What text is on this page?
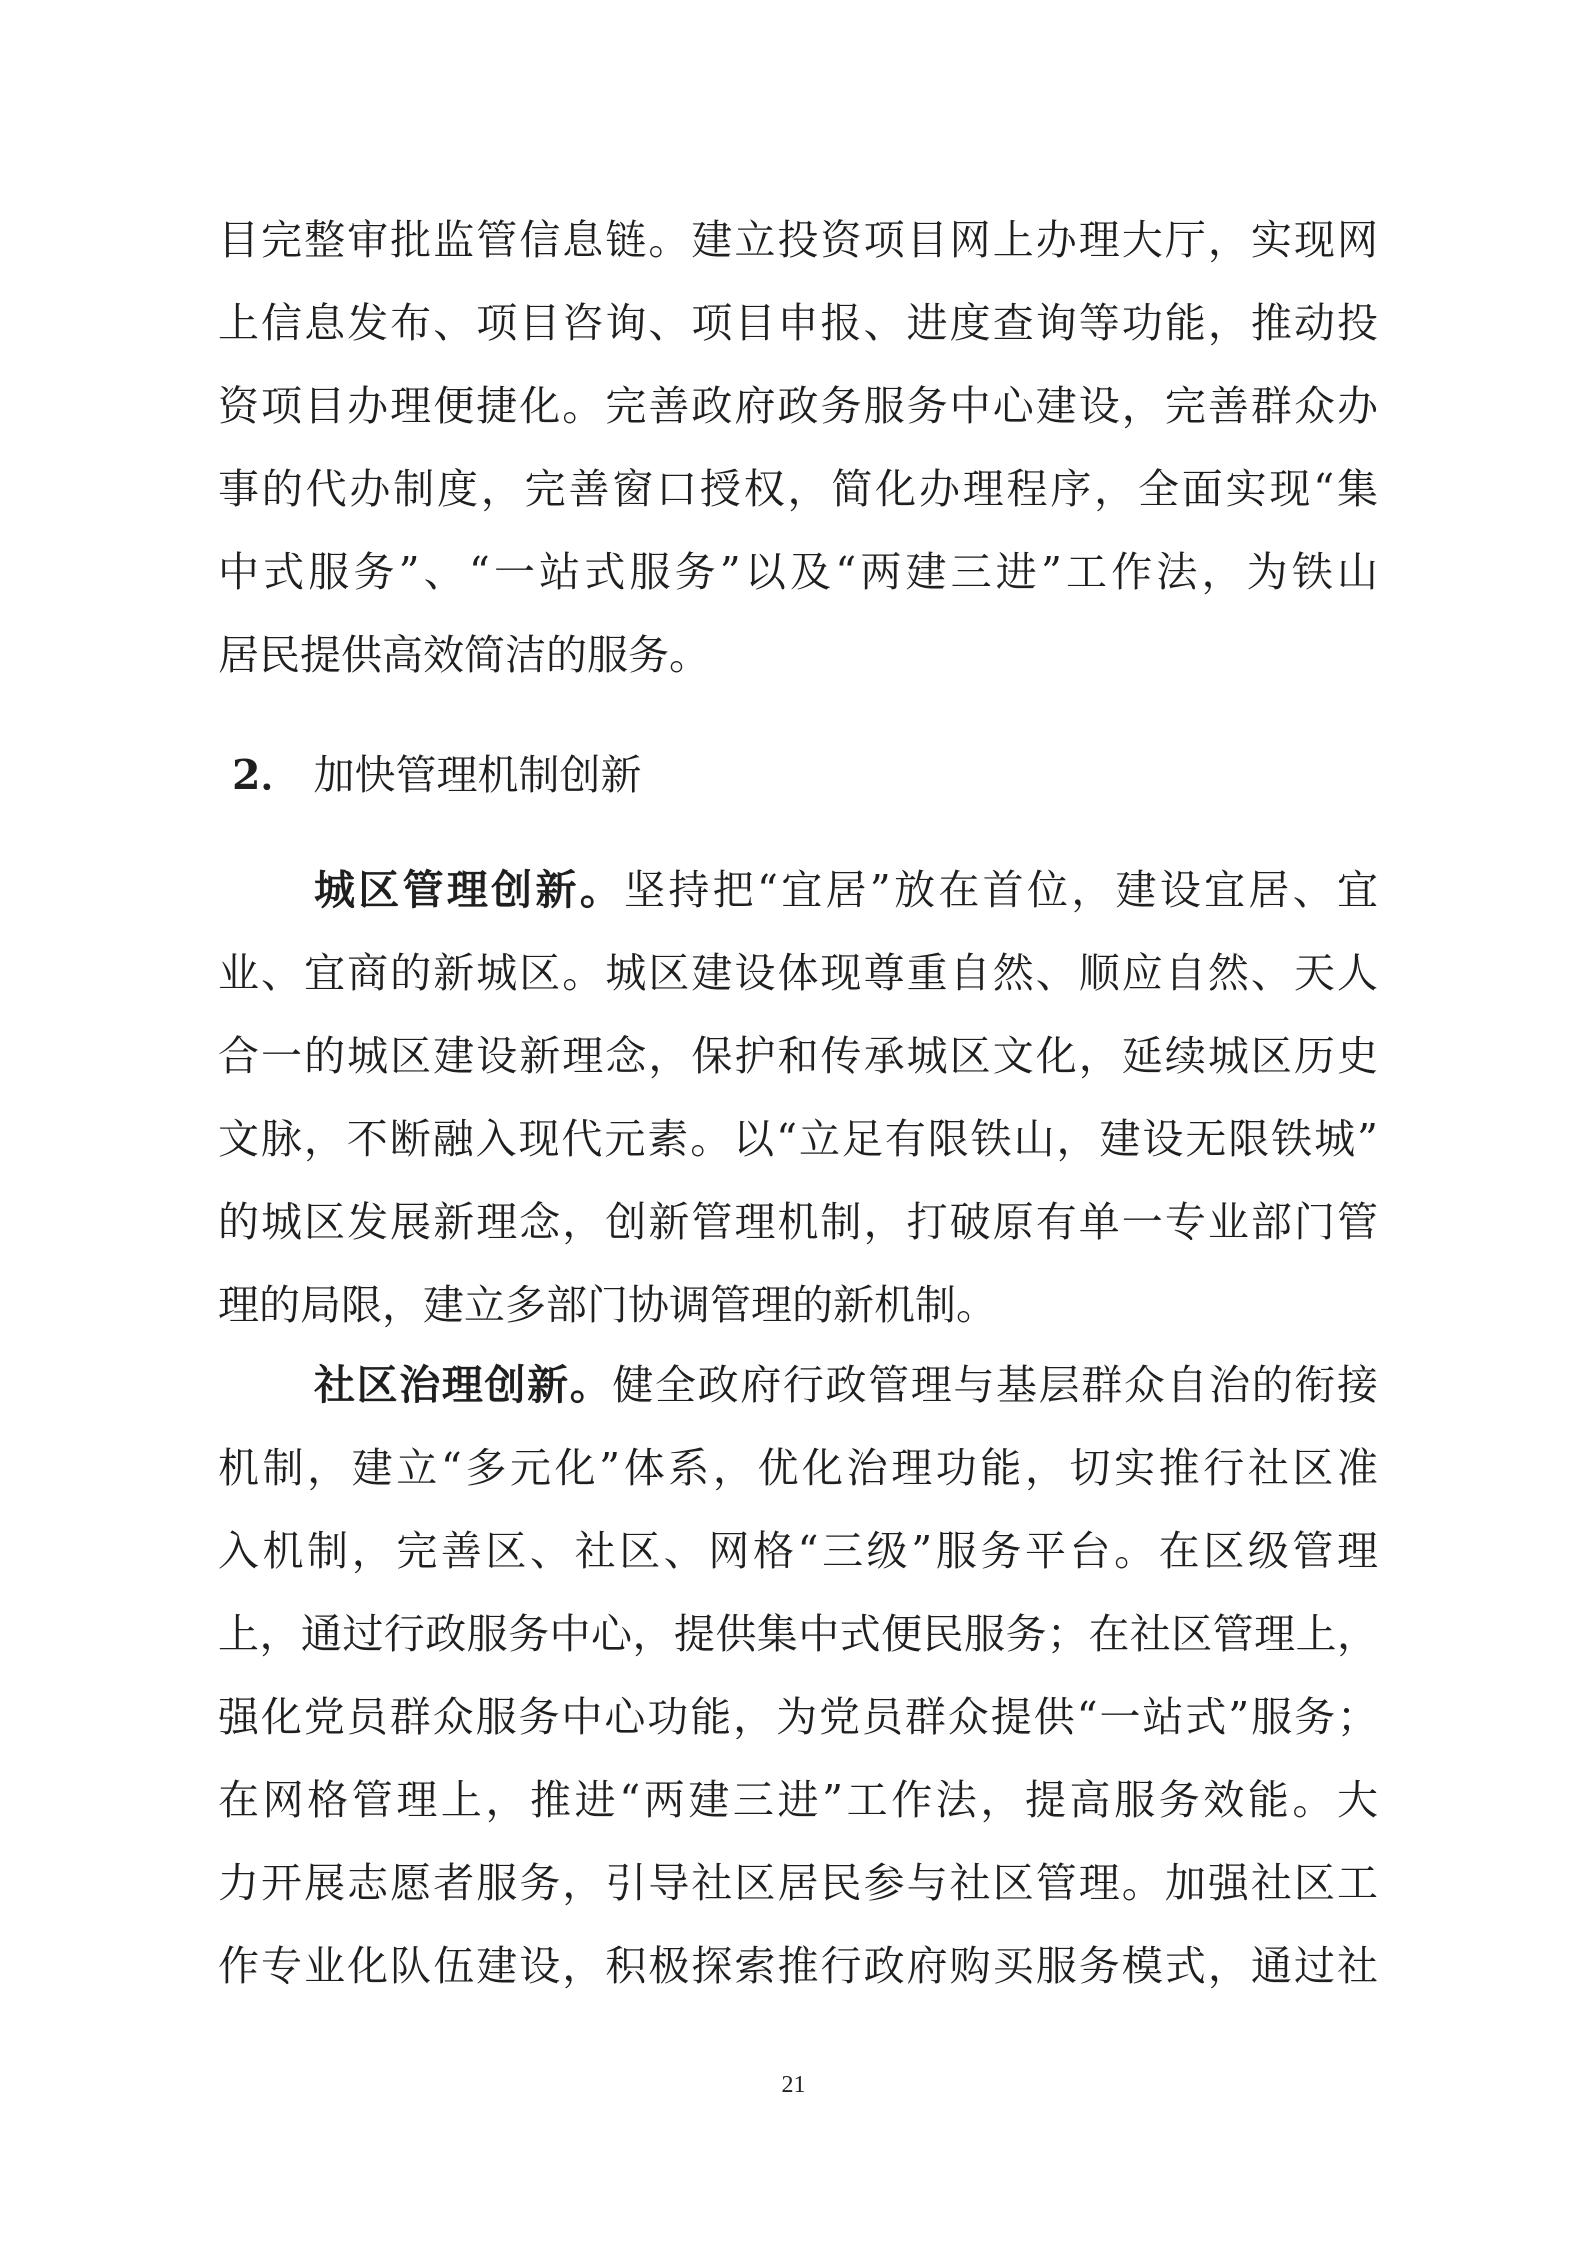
目完整审批监管信息链。建立投资项目网上办理大厅，实现网
上信息发布、项目咨询、项目申报、进度查询等功能，推动投
资项目办理便捷化。完善政府政务服务中心建设，完善群众办
事的代办制度，完善窗口授权，简化办理程序，全面实现“集
中式服务”、“一站式服务”以及“两建三进”工作法，为铁山
居民提供高效简洁的服务。
2． 加快管理机制创新
城区管理创新。坚持把“宜居”放在首位，建设宜居、宜
业、宜商的新城区。城区建设体现尊重自然、顺应自然、天人
合一的城区建设新理念，保护和传承城区文化，延续城区历史
文脉，不断融入现代元素。以“立足有限铁山，建设无限铁城”
的城区发展新理念，创新管理机制，打破原有单一专业部门管
理的局限，建立多部门协调管理的新机制。
社区治理创新。健全政府行政管理与基层群众自治的衔接
机制，建立“多元化”体系，优化治理功能，切实推行社区准
入机制，完善区、社区、网格“三级”服务平台。在区级管理
上，通过行政服务中心，提供集中式便民服务；在社区管理上，
强化党员群众服务中心功能，为党员群众提供“一站式”服务；
在网格管理上，推进“两建三进”工作法，提高服务效能。大
力开展志愿者服务，引导社区居民参与社区管理。加强社区工
作专业化队伍建设，积极探索推行政府购买服务模式，通过社
21
